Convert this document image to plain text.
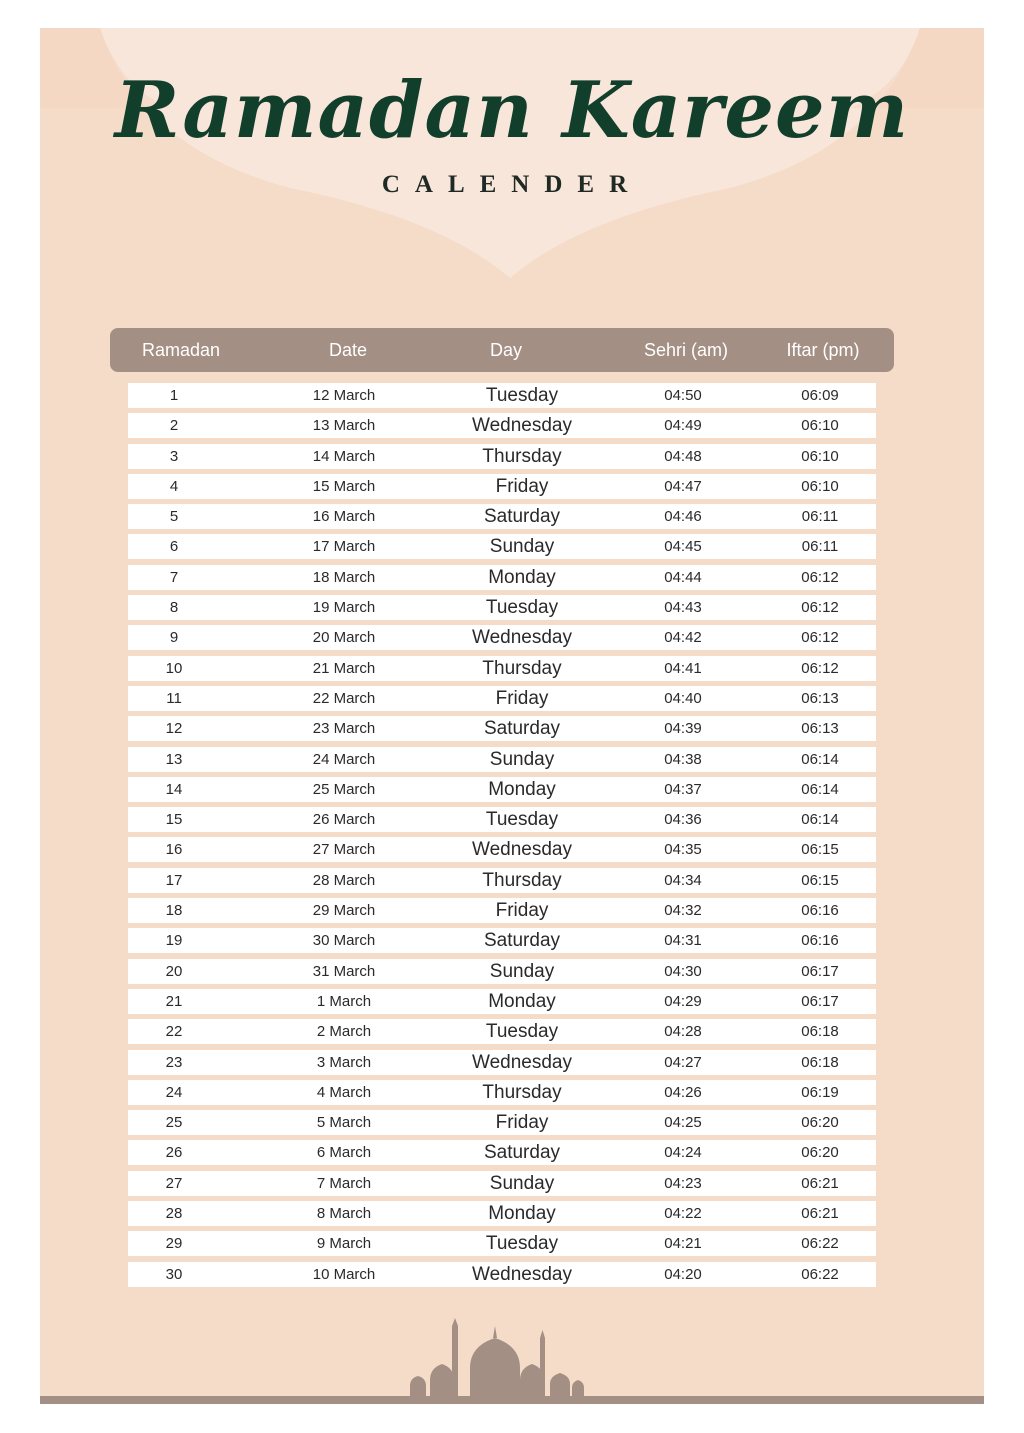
Ramadan Kareem
CALENDER
Ramadan	Date	Day	Sehri (am)	Iftar (pm)
1	12 March	Tuesday	04:50	06:09
2	13 March	Wednesday	04:49	06:10
3	14 March	Thursday	04:48	06:10
4	15 March	Friday	04:47	06:10
5	16 March	Saturday	04:46	06:11
6	17 March	Sunday	04:45	06:11
7	18 March	Monday	04:44	06:12
8	19 March	Tuesday	04:43	06:12
9	20 March	Wednesday	04:42	06:12
10	21 March	Thursday	04:41	06:12
11	22 March	Friday	04:40	06:13
12	23 March	Saturday	04:39	06:13
13	24 March	Sunday	04:38	06:14
14	25 March	Monday	04:37	06:14
15	26 March	Tuesday	04:36	06:14
16	27 March	Wednesday	04:35	06:15
17	28 March	Thursday	04:34	06:15
18	29 March	Friday	04:32	06:16
19	30 March	Saturday	04:31	06:16
20	31 March	Sunday	04:30	06:17
21	1 March	Monday	04:29	06:17
22	2 March	Tuesday	04:28	06:18
23	3 March	Wednesday	04:27	06:18
24	4 March	Thursday	04:26	06:19
25	5 March	Friday	04:25	06:20
26	6 March	Saturday	04:24	06:20
27	7 March	Sunday	04:23	06:21
28	8 March	Monday	04:22	06:21
29	9 March	Tuesday	04:21	06:22
30	10 March	Wednesday	04:20	06:22
